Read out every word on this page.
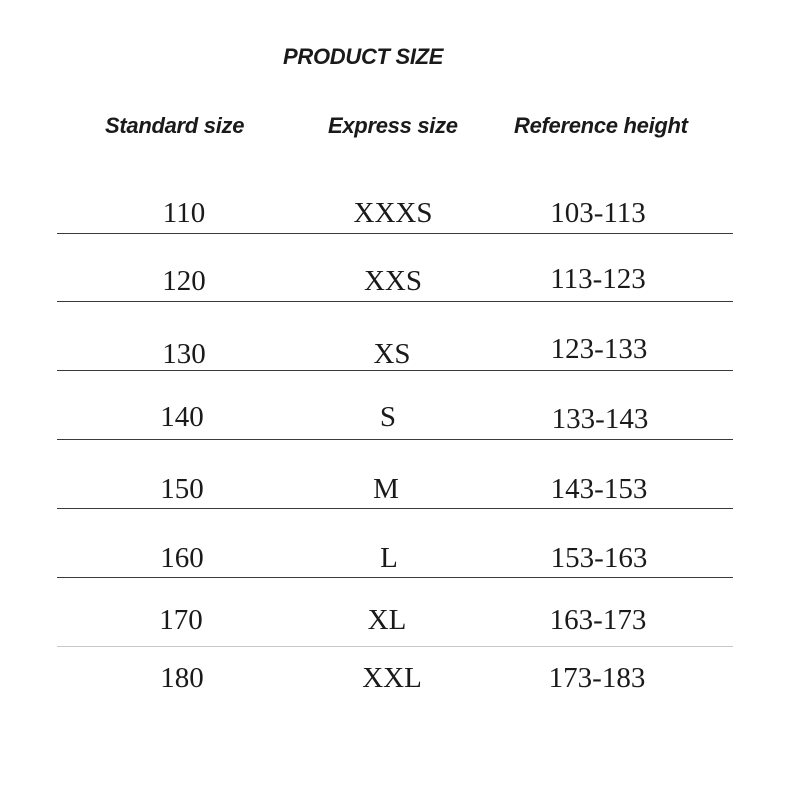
PRODUCT SIZE
Standard size	Express size	Reference height
110	XXXS	103-113
120	XXS	113-123
130	XS	123-133
140	S	133-143
150	M	143-153
160	L	153-163
170	XL	163-173
180	XXL	173-183
